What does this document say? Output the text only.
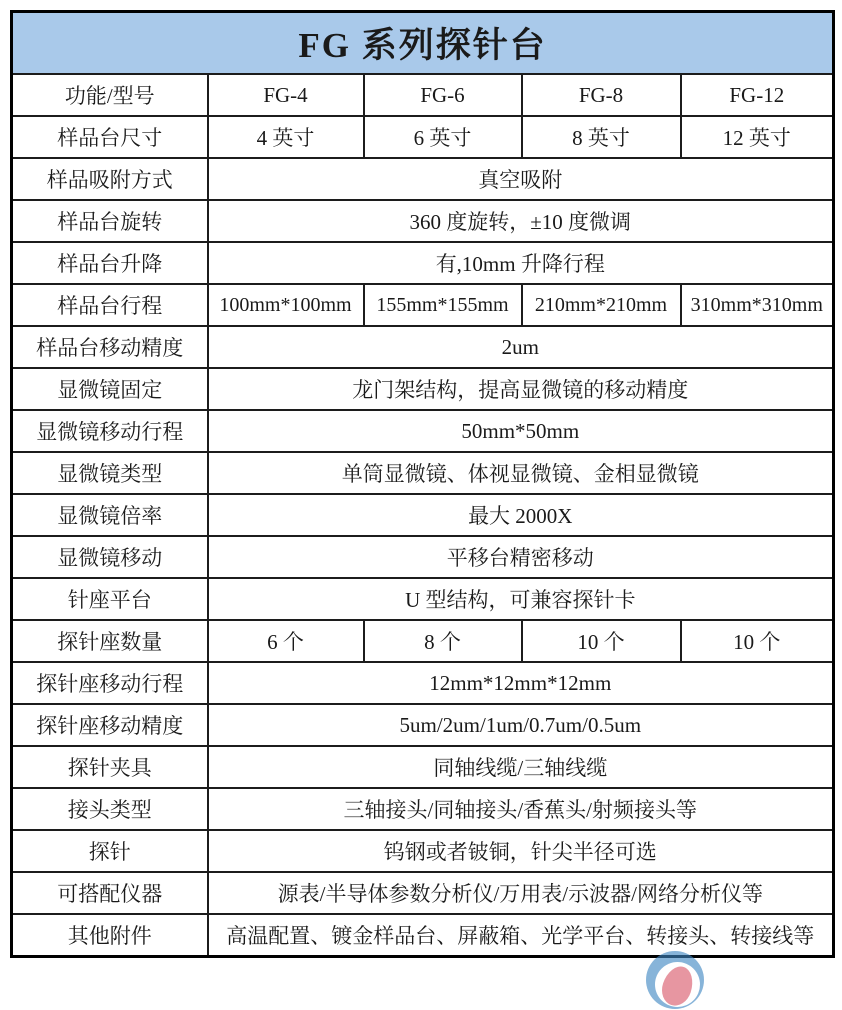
FG 系列探针台				
功能/型号	FG-4	FG-6	FG-8	FG-12
样品台尺寸	4 英寸	6 英寸	8 英寸	12 英寸
样品吸附方式	真空吸附			
样品台旋转	360 度旋转，±10 度微调			
样品台升降	有,10mm 升降行程			
样品台行程	100mm*100mm	155mm*155mm	210mm*210mm	310mm*310mm
样品台移动精度	2um			
显微镜固定	龙门架结构，提高显微镜的移动精度			
显微镜移动行程	50mm*50mm			
显微镜类型	单筒显微镜、体视显微镜、金相显微镜			
显微镜倍率	最大 2000X			
显微镜移动	平移台精密移动			
针座平台	U 型结构，可兼容探针卡			
探针座数量	6 个	8 个	10 个	10 个
探针座移动行程	12mm*12mm*12mm			
探针座移动精度	5um/2um/1um/0.7um/0.5um			
探针夹具	同轴线缆/三轴线缆			
接头类型	三轴接头/同轴接头/香蕉头/射频接头等			
探针	钨钢或者铍铜，针尖半径可选			
可搭配仪器	源表/半导体参数分析仪/万用表/示波器/网络分析仪等			
其他附件	高温配置、镀金样品台、屏蔽箱、光学平台、转接头、转接线等			
